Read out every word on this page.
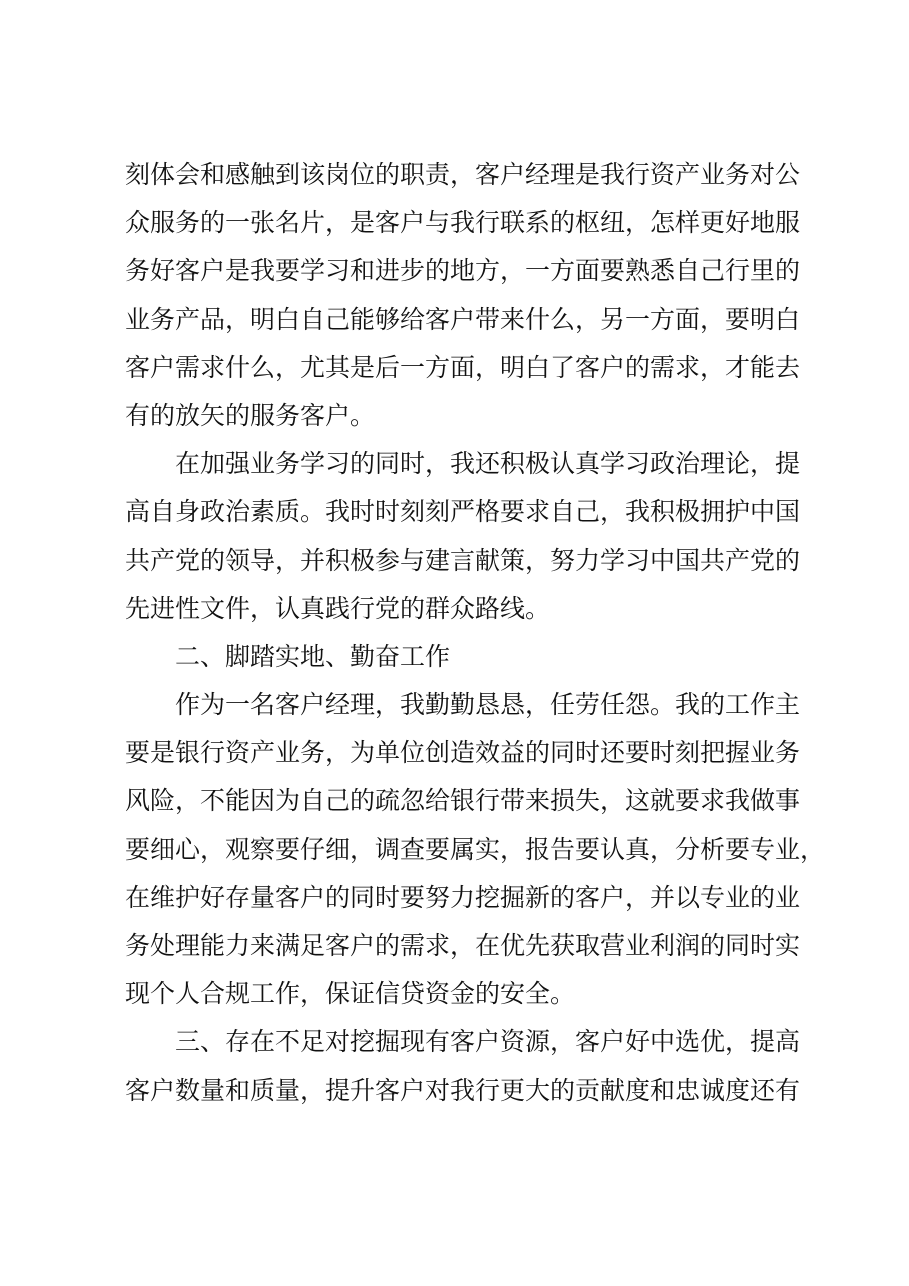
刻体会和感触到该岗位的职责，客户经理是我行资产业务对公
众服务的一张名片，是客户与我行联系的枢纽，怎样更好地服
务好客户是我要学习和进步的地方，一方面要熟悉自己行里的
业务产品，明白自己能够给客户带来什么，另一方面，要明白
客户需求什么，尤其是后一方面，明白了客户的需求，才能去
有的放矢的服务客户。
在加强业务学习的同时，我还积极认真学习政治理论，提
高自身政治素质。我时时刻刻严格要求自己，我积极拥护中国
共产党的领导，并积极参与建言献策，努力学习中国共产党的
先进性文件，认真践行党的群众路线。
二、脚踏实地、勤奋工作
作为一名客户经理，我勤勤恳恳，任劳任怨。我的工作主
要是银行资产业务，为单位创造效益的同时还要时刻把握业务
风险，不能因为自己的疏忽给银行带来损失，这就要求我做事
要细心，观察要仔细，调查要属实，报告要认真，分析要专业，
在维护好存量客户的同时要努力挖掘新的客户，并以专业的业
务处理能力来满足客户的需求，在优先获取营业利润的同时实
现个人合规工作，保证信贷资金的安全。
三、存在不足对挖掘现有客户资源，客户好中选优，提高
客户数量和质量，提升客户对我行更大的贡献度和忠诚度还有
